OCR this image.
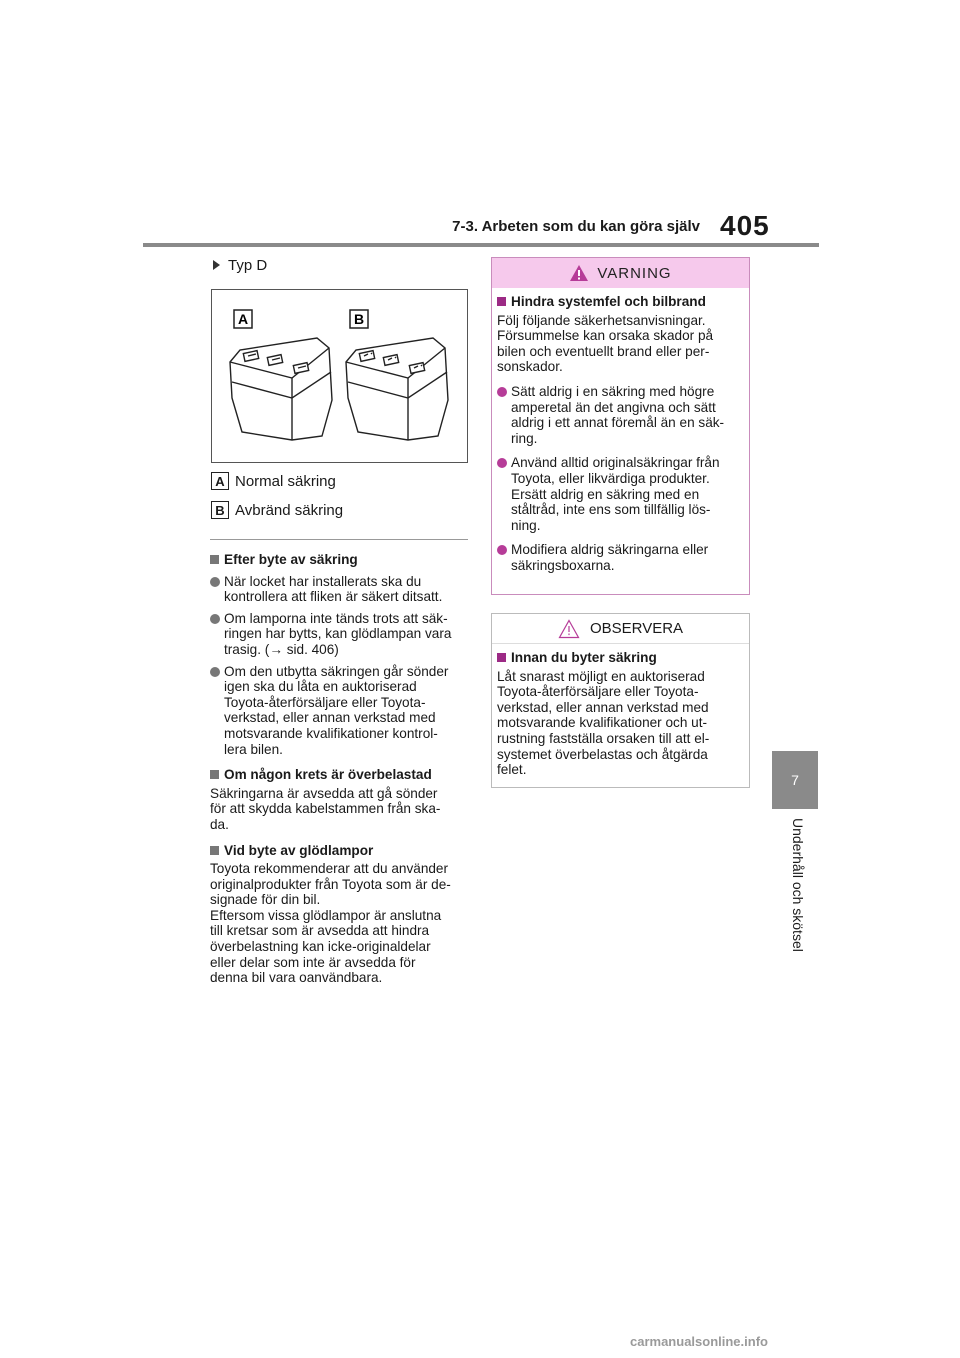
7-3. Arbeten som du kan göra själv 405
7
Underhåll och skötsel
Typ D
A	B
A Normal säkring
B Avbränd säkring
Efter byte av säkring
När locket har installerats ska du
kontrollera att fliken är säkert ditsatt.
Om lamporna inte tänds trots att säk-
ringen har bytts, kan glödlampan vara
trasig. (→ sid. 406)
Om den utbytta säkringen går sönder
igen ska du låta en auktoriserad
Toyota-återförsäljare eller Toyota-
verkstad, eller annan verkstad med
motsvarande kvalifikationer kontrol-
lera bilen.
Om någon krets är överbelastad
Säkringarna är avsedda att gå sönder
för att skydda kabelstammen från ska-
da.
Vid byte av glödlampor
Toyota rekommenderar att du använder
originalprodukter från Toyota som är de-
signade för din bil.
Eftersom vissa glödlampor är anslutna
till kretsar som är avsedda att hindra
överbelastning kan icke-originaldelar
eller delar som inte är avsedda för
denna bil vara oanvändbara.
VARNING
Hindra systemfel och bilbrand
Följ följande säkerhetsanvisningar.
Försummelse kan orsaka skador på
bilen och eventuellt brand eller per-
sonskador.
Sätt aldrig i en säkring med högre
amperetal än det angivna och sätt
aldrig i ett annat föremål än en säk-
ring.
Använd alltid originalsäkringar från
Toyota, eller likvärdiga produkter.
Ersätt aldrig en säkring med en
ståltråd, inte ens som tillfällig lös-
ning.
Modifiera aldrig säkringarna eller
säkringsboxarna.
OBSERVERA
Innan du byter säkring
Låt snarast möjligt en auktoriserad
Toyota-återförsäljare eller Toyota-
verkstad, eller annan verkstad med
motsvarande kvalifikationer och ut-
rustning fastställa orsaken till att el-
systemet överbelastas och åtgärda
felet.
carmanualsonline.info
